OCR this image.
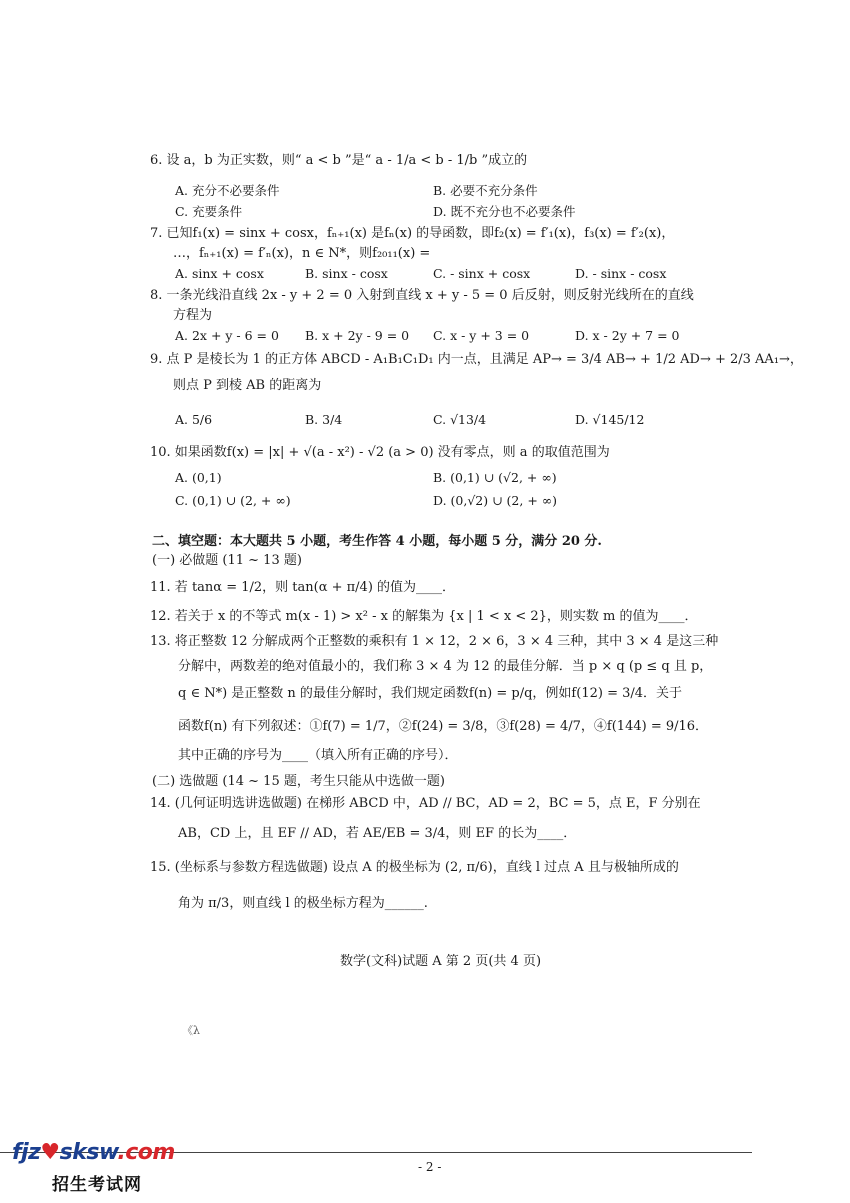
6. 设 a，b 为正实数，则“ a < b ”是“ a - 1/a < b - 1/b ”成立的
A. 充分不必要条件	B. 必要不充分条件
C. 充要条件	D. 既不充分也不必要条件
7. 已知f₁(x) = sinx + cosx，fₙ₊₁(x) 是fₙ(x) 的导函数，即f₂(x) = f′₁(x)，f₃(x) = f′₂(x)，
…，fₙ₊₁(x) = f′ₙ(x)，n ∈ N*，则f₂₀₁₁(x) =
A. sinx + cosx	B. sinx - cosx	C. - sinx + cosx	D. - sinx - cosx
8. 一条光线沿直线 2x - y + 2 = 0 入射到直线 x + y - 5 = 0 后反射，则反射光线所在的直线
方程为
A. 2x + y - 6 = 0 B. x + 2y - 9 = 0 C. x - y + 3 = 0	D. x - 2y + 7 = 0
9. 点 P 是棱长为 1 的正方体 ABCD - A₁B₁C₁D₁ 内一点，且满足 AP→ = 3/4 AB→ + 1/2 AD→ + 2/3 AA₁→，
则点 P 到棱 AB 的距离为
A. 5/6	B. 3/4	C. √13/4	D. √145/12
10. 如果函数f(x) = |x| + √(a - x²) - √2 (a > 0) 没有零点，则 a 的取值范围为
A. (0,1)	B. (0,1) ∪ (√2, + ∞)
C. (0,1) ∪ (2, + ∞)	D. (0,√2) ∪ (2, + ∞)
二、填空题：本大题共 5 小题，考生作答 4 小题，每小题 5 分，满分 20 分.
(一) 必做题 (11 ~ 13 题)
11. 若 tanα = 1/2，则 tan(α + π/4) 的值为____．
12. 若关于 x 的不等式 m(x - 1) > x² - x 的解集为 {x | 1 < x < 2}，则实数 m 的值为____．
13. 将正整数 12 分解成两个正整数的乘积有 1 × 12，2 × 6，3 × 4 三种，其中 3 × 4 是这三种
分解中，两数差的绝对值最小的，我们称 3 × 4 为 12 的最佳分解．当 p × q (p ≤ q 且 p，
q ∈ N*) 是正整数 n 的最佳分解时，我们规定函数f(n) = p/q，例如f(12) = 3/4．关于
函数f(n) 有下列叙述：①f(7) = 1/7，②f(24) = 3/8，③f(28) = 4/7，④f(144) = 9/16．
其中正确的序号为____（填入所有正确的序号）．
(二) 选做题 (14 ~ 15 题，考生只能从中选做一题)
14. (几何证明选讲选做题) 在梯形 ABCD 中，AD // BC，AD = 2，BC = 5，点 E，F 分别在
AB，CD 上，且 EF // AD，若 AE/EB = 3/4，则 EF 的长为____．
15. (坐标系与参数方程选做题) 设点 A 的极坐标为 (2, π/6)，直线 l 过点 A 且与极轴所成的
角为 π/3，则直线 l 的极坐标方程为______.
数学(文科)试题 A 第 2 页(共 4 页)
《λ
- 2 -
fjz♥sksw.com
招生考试网
